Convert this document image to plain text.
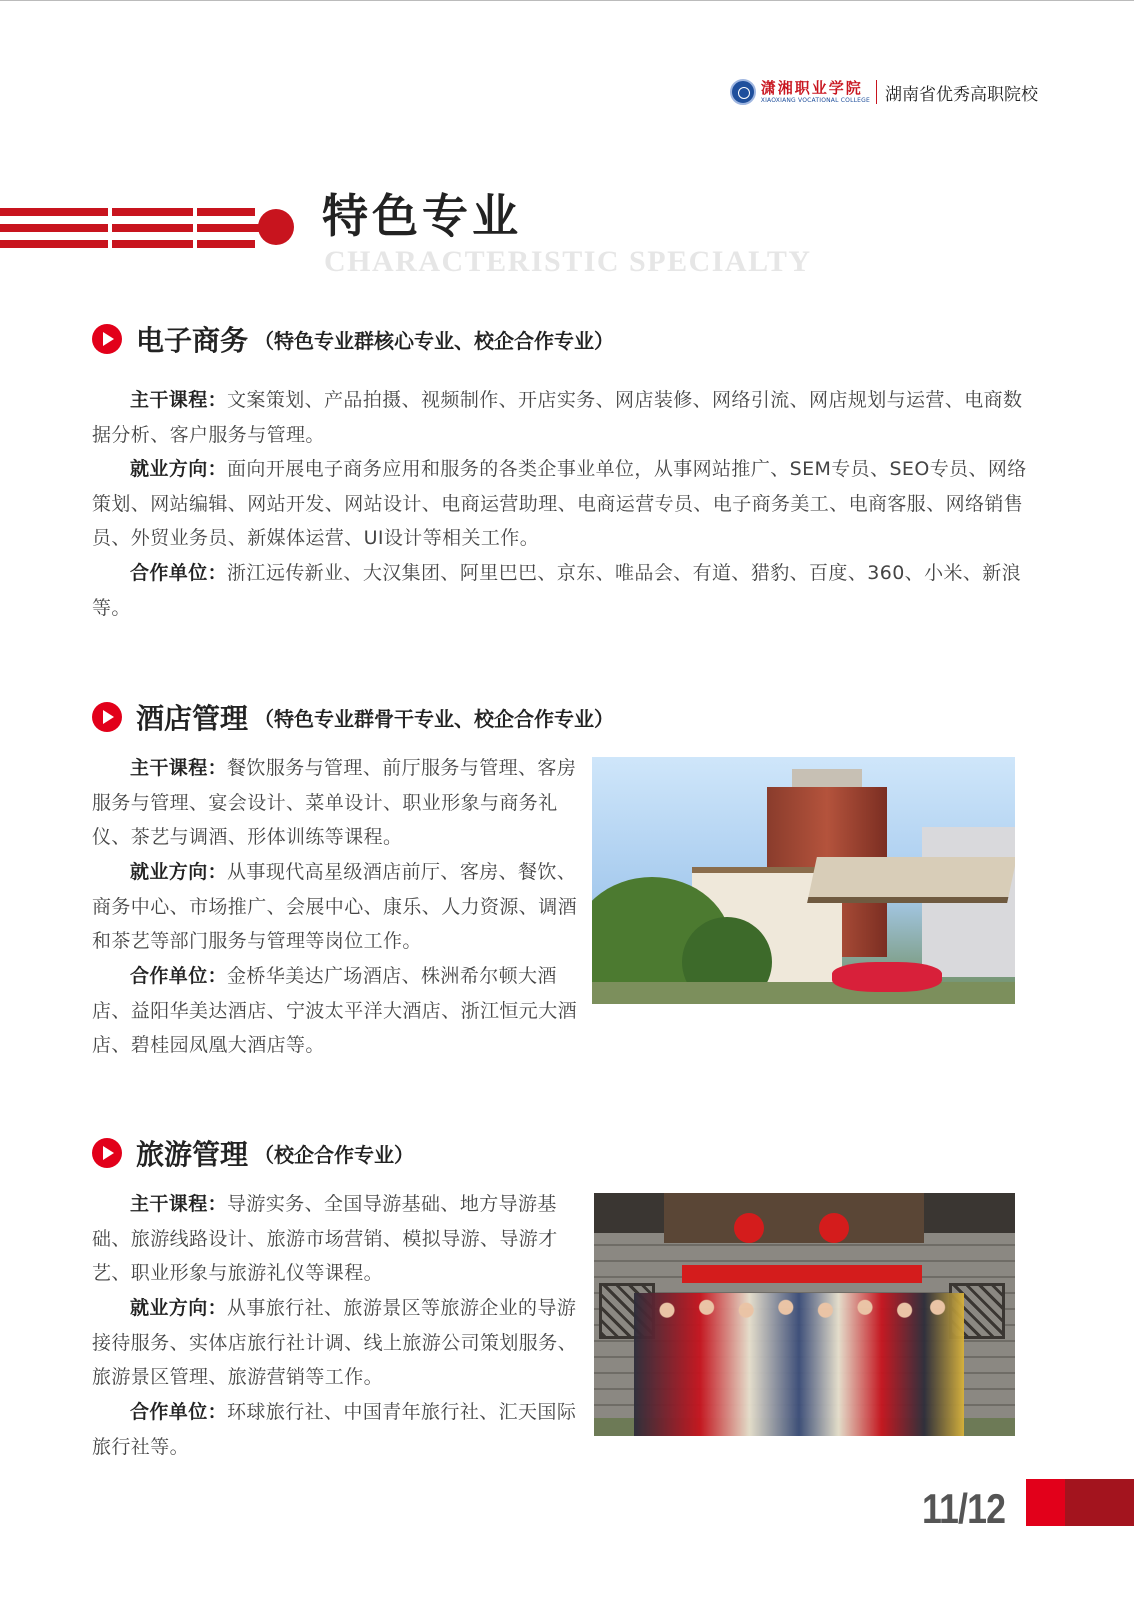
潇湘职业学院
XIAOXIANG VOCATIONAL COLLEGE 湖南省优秀高职院校
特色专业
CHARACTERISTIC SPECIALTY
电子商务 （特色专业群核心专业、校企合作专业）

主干课程：文案策划、产品拍摄、视频制作、开店实务、网店装修、网络引流、网店规划与运营、电商数据分析、客户服务与管理。

就业方向：面向开展电子商务应用和服务的各类企事业单位，从事网站推广、SEM专员、SEO专员、网络策划、网站编辑、网站开发、网站设计、电商运营助理、电商运营专员、电子商务美工、电商客服、网络销售员、外贸业务员、新媒体运营、UI设计等相关工作。

合作单位：浙江远传新业、大汉集团、阿里巴巴、京东、唯品会、有道、猎豹、百度、360、小米、新浪等。

酒店管理 （特色专业群骨干专业、校企合作专业）

主干课程：餐饮服务与管理、前厅服务与管理、客房服务与管理、宴会设计、菜单设计、职业形象与商务礼仪、茶艺与调酒、形体训练等课程。

就业方向：从事现代高星级酒店前厅、客房、餐饮、商务中心、市场推广、会展中心、康乐、人力资源、调酒和茶艺等部门服务与管理等岗位工作。

合作单位：金桥华美达广场酒店、株洲希尔顿大酒店、益阳华美达酒店、宁波太平洋大酒店、浙江恒元大酒店、碧桂园凤凰大酒店等。

旅游管理 （校企合作专业）

主干课程：导游实务、全国导游基础、地方导游基础、旅游线路设计、旅游市场营销、模拟导游、导游才艺、职业形象与旅游礼仪等课程。

就业方向：从事旅行社、旅游景区等旅游企业的导游接待服务、实体店旅行社计调、线上旅游公司策划服务、旅游景区管理、旅游营销等工作。

合作单位：环球旅行社、中国青年旅行社、汇天国际旅行社等。

11/12
